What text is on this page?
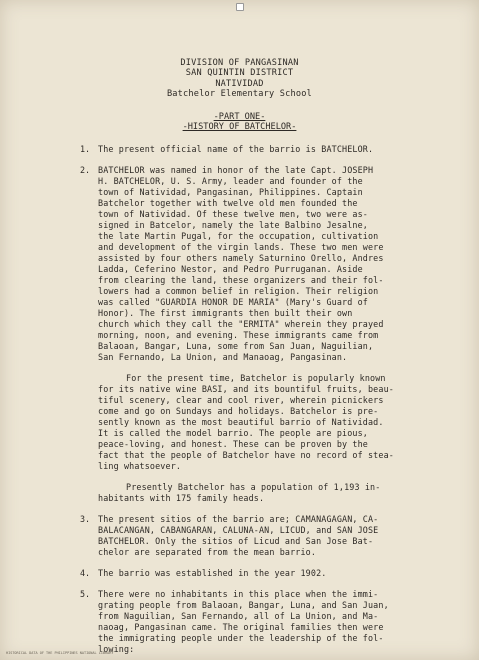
DIVISION OF PANGASINAN
SAN QUINTIN DISTRICT
NATIVIDAD
Batchelor Elementary School
-PART ONE-
-HISTORY OF BATCHELOR-
1. The present official name of the barrio is BATCHELOR.
2. BATCHELOR was named in honor of the late Capt. JOSEPH
H. BATCHELOR, U. S. Army, leader and founder of the
town of Natividad, Pangasinan, Philippines. Captain
Batchelor together with twelve old men founded the
town of Natividad. Of these twelve men, two were as-
signed in Batcelor, namely the late Balbino Jesalne,
the late Martin Pugal, for the occupation, cultivation
and development of the virgin lands. These two men were
assisted by four others namely Saturnino Orello, Andres
Ladda, Ceferino Nestor, and Pedro Purruganan. Aside
from clearing the land, these organizers and their fol-
lowers had a common belief in religion. Their religion
was called "GUARDIA HONOR DE MARIA" (Mary's Guard of
Honor). The first immigrants then built their own
church which they call the "ERMITA" wherein they prayed
morning, noon, and evening. These immigrants came from
Balaoan, Bangar, Luna, some from San Juan, Naguilian,
San Fernando, La Union, and Manaoag, Pangasinan.
For the present time, Batchelor is popularly known
for its native wine BASI, and its bountiful fruits, beau-
tiful scenery, clear and cool river, wherein picnickers
come and go on Sundays and holidays. Batchelor is pre-
sently known as the most beautiful barrio of Natividad.
It is called the model barrio. The people are pious,
peace-loving, and honest. These can be proven by the
fact that the people of Batchelor have no record of stea-
ling whatsoever.
Presently Batchelor has a population of 1,193 in-
habitants with 175 family heads.
3. The present sitios of the barrio are; CAMANAGAGAN, CA-
BALACANGAN, CABANGARAN, CALUNA-AN, LICUD, and SAN JOSE
BATCHELOR. Only the sitios of Licud and San Jose Bat-
chelor are separated from the mean barrio.
4. The barrio was established in the year 1902.
5. There were no inhabitants in this place when the immi-
grating people from Balaoan, Bangar, Luna, and San Juan,
from Naguilian, San Fernando, all of La Union, and Ma-
naoag, Pangasinan came. The original families then were
the immigrating people under the leadership of the fol-
lowing:
HISTORICAL DATA OF THE PHILIPPINES NATIONAL LIBRARY
